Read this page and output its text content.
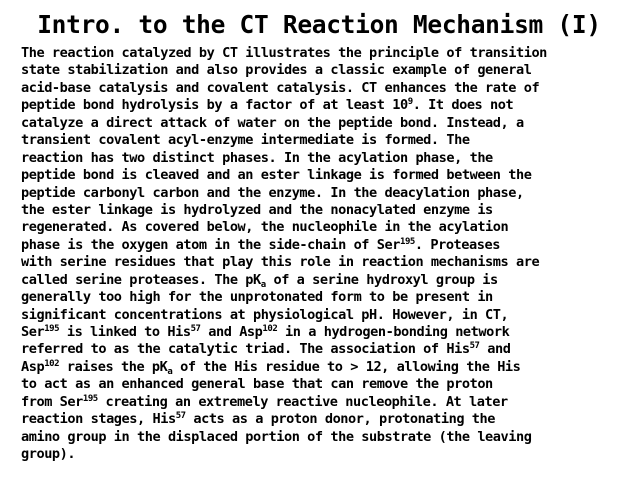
Intro. to the CT Reaction Mechanism (I)
The reaction catalyzed by CT illustrates the principle of transition
state stabilization and also provides a classic example of general
acid-base catalysis and covalent catalysis. CT enhances the rate of
peptide bond hydrolysis by a factor of at least $10^9$. It does not
catalyze a direct attack of water on the peptide bond. Instead, a
transient covalent acyl-enzyme intermediate is formed. The
reaction has two distinct phases. In the acylation phase, the
peptide bond is cleaved and an ester linkage is formed between the
peptide carbonyl carbon and the enzyme. In the deacylation phase,
the ester linkage is hydrolyzed and the nonacylated enzyme is
regenerated. As covered below, the nucleophile in the acylation
phase is the oxygen atom in the side-chain of Ser$^{195}$. Proteases
with serine residues that play this role in reaction mechanisms are
called serine proteases. The $pK_a$ of a serine hydroxyl group is
generally too high for the unprotonated form to be present in
significant concentrations at physiological pH. However, in CT,
Ser$^{195}$ is linked to His$^{57}$ and Asp$^{102}$ in a hydrogen-bonding network
referred to as the catalytic triad. The association of His$^{57}$ and
Asp$^{102}$ raises the $pK_a$ of the His residue to > 12, allowing the His
to act as an enhanced general base that can remove the proton
from Ser$^{195}$ creating an extremely reactive nucleophile. At later
reaction stages, His$^{57}$ acts as a proton donor, protonating the
amino group in the displaced portion of the substrate (the leaving
group).
